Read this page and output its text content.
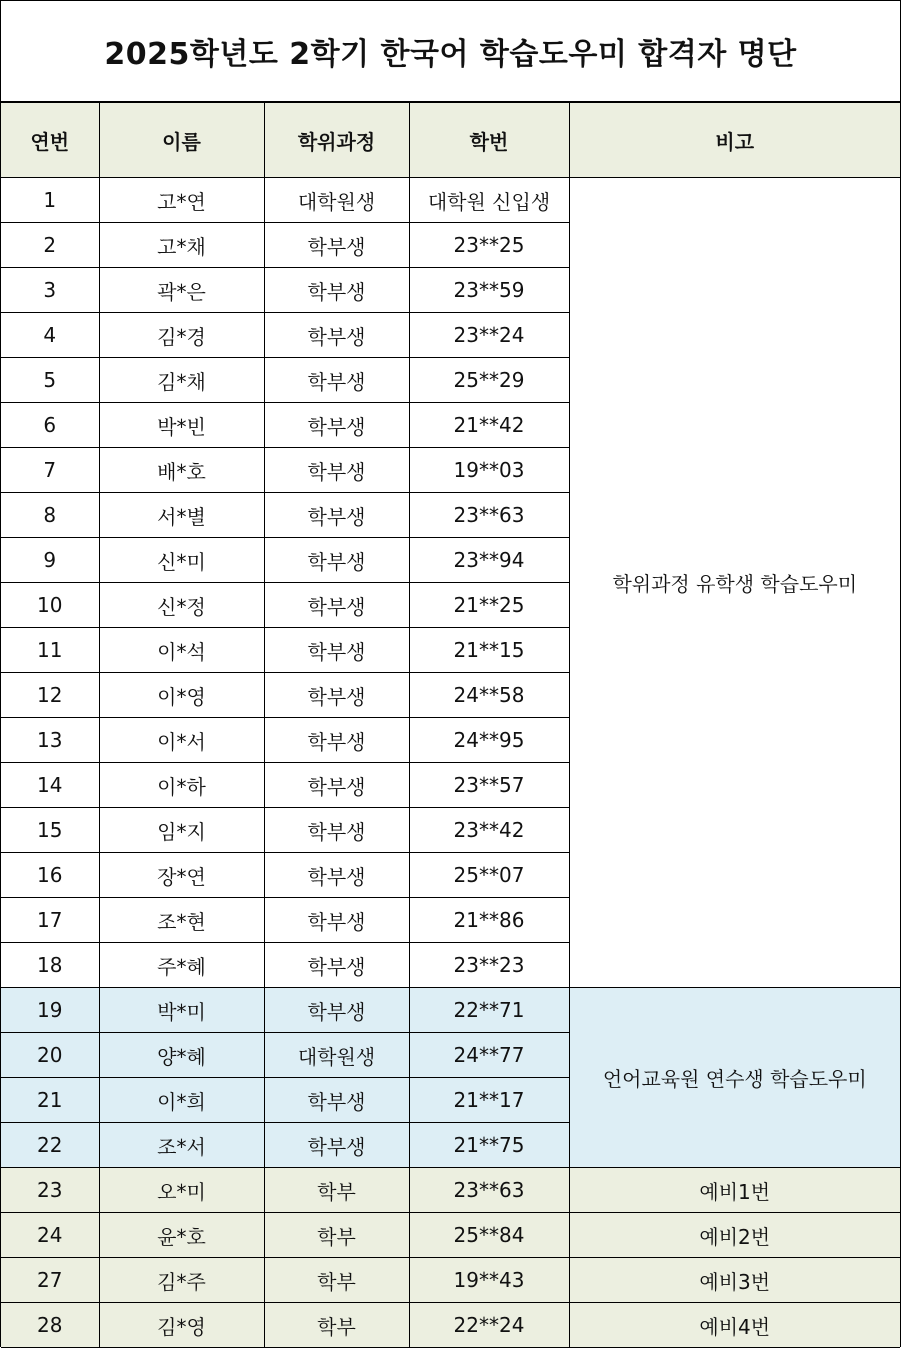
2025학년도 2학기 한국어 학습도우미 합격자 명단
연번	이름	학위과정	학번	비고
1	고*연	대학원생	대학원 신입생	학위과정 유학생 학습도우미
2	고*채	학부생	23**25	
3	곽*은	학부생	23**59	
4	김*경	학부생	23**24	
5	김*채	학부생	25**29	
6	박*빈	학부생	21**42	
7	배*호	학부생	19**03	
8	서*별	학부생	23**63	
9	신*미	학부생	23**94	
10	신*정	학부생	21**25	
11	이*석	학부생	21**15	
12	이*영	학부생	24**58	
13	이*서	학부생	24**95	
14	이*하	학부생	23**57	
15	임*지	학부생	23**42	
16	장*연	학부생	25**07	
17	조*현	학부생	21**86	
18	주*혜	학부생	23**23	
19	박*미	학부생	22**71	언어교육원 연수생 학습도우미
20	양*혜	대학원생	24**77	
21	이*희	학부생	21**17	
22	조*서	학부생	21**75	
23	오*미	학부	23**63	예비1번
24	윤*호	학부	25**84	예비2번
27	김*주	학부	19**43	예비3번
28	김*영	학부	22**24	예비4번
